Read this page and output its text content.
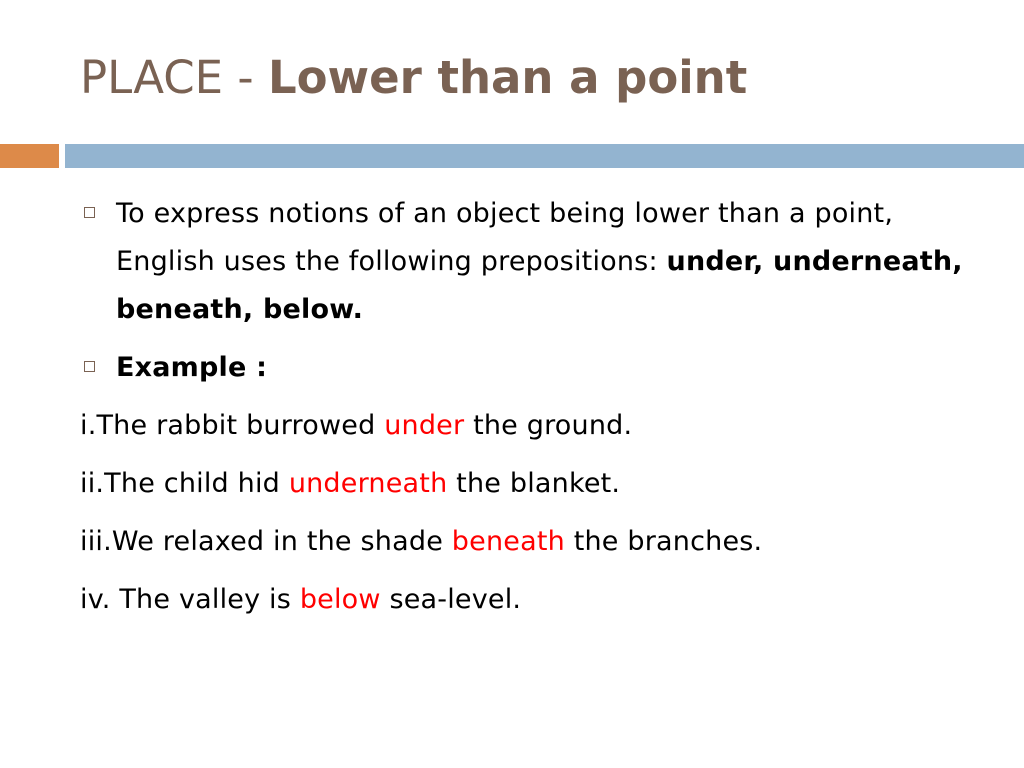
PLACE - Lower than a point
To express notions of an object being lower than a point, English uses the following prepositions: under, underneath, beneath, below.
Example :
i.The rabbit burrowed under the ground.
ii.The child hid underneath the blanket.
iii.We relaxed in the shade beneath the branches.
iv. The valley is below sea-level.
